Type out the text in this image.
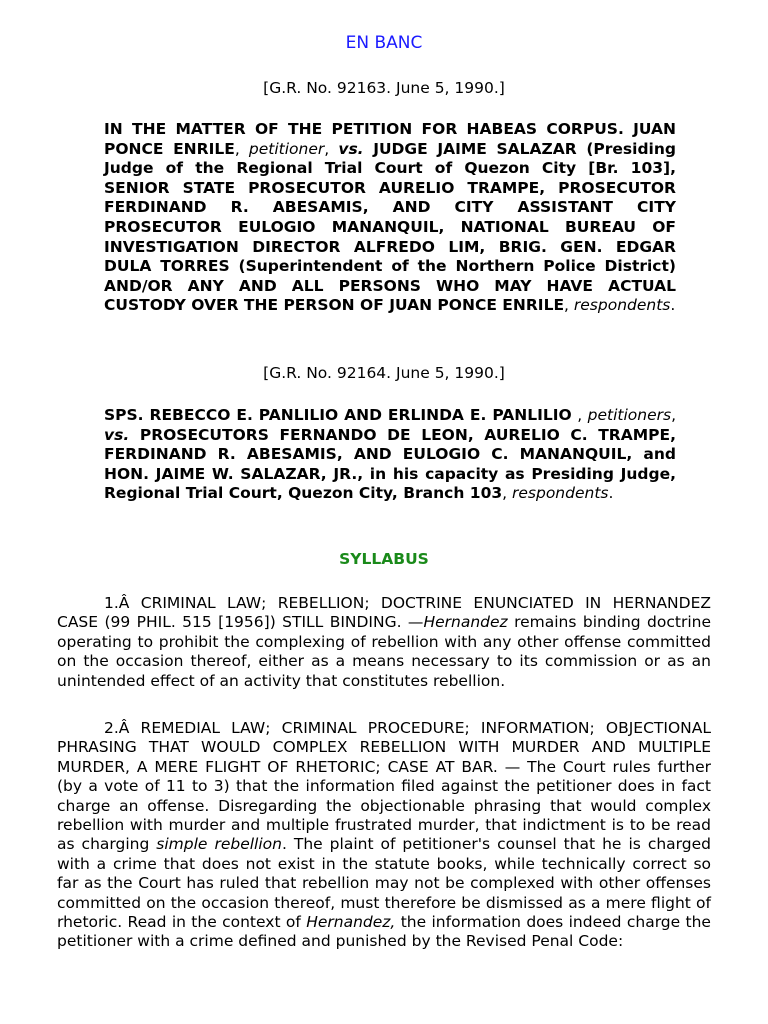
EN BANC
[G.R. No. 92163. June 5, 1990.]
IN THE MATTER OF THE PETITION FOR HABEAS CORPUS. JUAN PONCE ENRILE, petitioner, vs. JUDGE JAIME SALAZAR (Presiding Judge of the Regional Trial Court of Quezon City [Br. 103], SENIOR STATE PROSECUTOR AURELIO TRAMPE, PROSECUTOR FERDINAND R. ABESAMIS, AND CITY ASSISTANT CITY PROSECUTOR EULOGIO MANANQUIL, NATIONAL BUREAU OF INVESTIGATION DIRECTOR ALFREDO LIM, BRIG. GEN. EDGAR DULA TORRES (Superintendent of the Northern Police District) AND/OR ANY AND ALL PERSONS WHO MAY HAVE ACTUAL CUSTODY OVER THE PERSON OF JUAN PONCE ENRILE, respondents.
[G.R. No. 92164. June 5, 1990.]
SPS. REBECCO E. PANLILIO AND ERLINDA E. PANLILIO , petitioners, vs. PROSECUTORS FERNANDO DE LEON, AURELIO C. TRAMPE, FERDINAND R. ABESAMIS, AND EULOGIO C. MANANQUIL, and HON. JAIME W. SALAZAR, JR., in his capacity as Presiding Judge, Regional Trial Court, Quezon City, Branch 103, respondents.
SYLLABUS
1.Â CRIMINAL LAW; REBELLION; DOCTRINE ENUNCIATED IN HERNANDEZ CASE (99 PHIL. 515 [1956]) STILL BINDING. —Hernandez remains binding doctrine operating to prohibit the complexing of rebellion with any other offense committed on the occasion thereof, either as a means necessary to its commission or as an unintended effect of an activity that constitutes rebellion.
2.Â REMEDIAL LAW; CRIMINAL PROCEDURE; INFORMATION; OBJECTIONAL PHRASING THAT WOULD COMPLEX REBELLION WITH MURDER AND MULTIPLE MURDER, A MERE FLIGHT OF RHETORIC; CASE AT BAR. — The Court rules further (by a vote of 11 to 3) that the information filed against the petitioner does in fact charge an offense. Disregarding the objectionable phrasing that would complex rebellion with murder and multiple frustrated murder, that indictment is to be read as charging simple rebellion. The plaint of petitioner's counsel that he is charged with a crime that does not exist in the statute books, while technically correct so far as the Court has ruled that rebellion may not be complexed with other offenses committed on the occasion thereof, must therefore be dismissed as a mere flight of rhetoric. Read in the context of Hernandez, the information does indeed charge the petitioner with a crime defined and punished by the Revised Penal Code:
